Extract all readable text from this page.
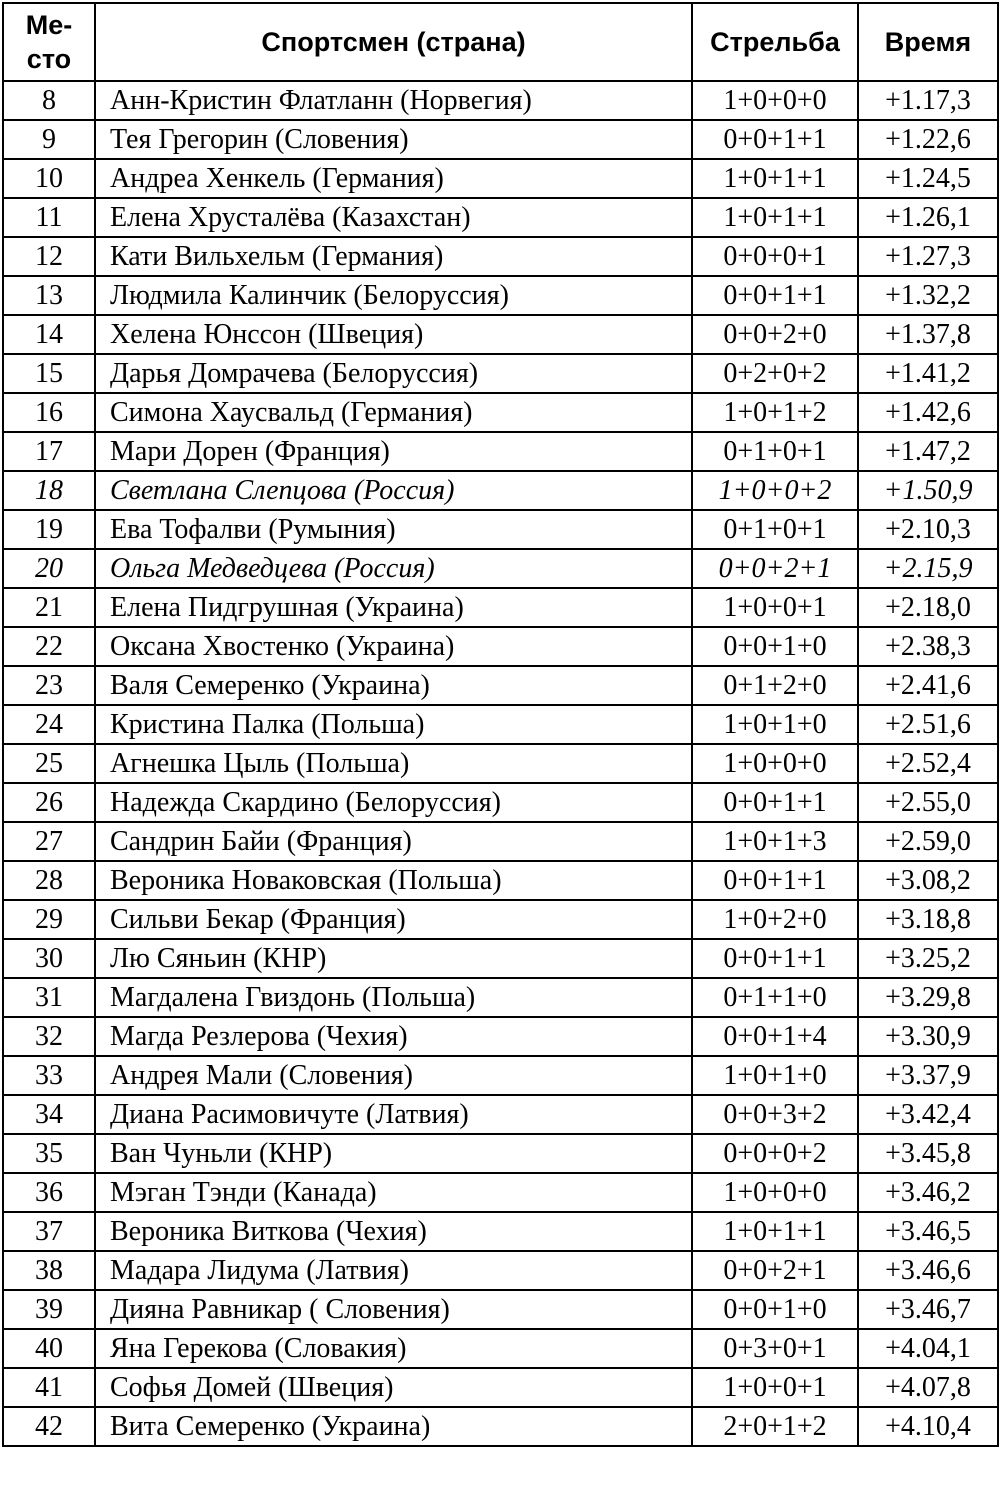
Ме-
сто	Спортсмен (страна)	Стрельба	Время
8	Анн-Кристин Флатланн (Норвегия)	1+0+0+0	+1.17,3
9	Тея Грегорин (Словения)	0+0+1+1	+1.22,6
10	Андреа Хенкель (Германия)	1+0+1+1	+1.24,5
11	Елена Хрусталёва (Казахстан)	1+0+1+1	+1.26,1
12	Кати Вильхельм (Германия)	0+0+0+1	+1.27,3
13	Людмила Калинчик (Белоруссия)	0+0+1+1	+1.32,2
14	Хелена Юнссон (Швеция)	0+0+2+0	+1.37,8
15	Дарья Домрачева (Белоруссия)	0+2+0+2	+1.41,2
16	Симона Хаусвальд (Германия)	1+0+1+2	+1.42,6
17	Мари Дорен (Франция)	0+1+0+1	+1.47,2
18	Светлана Слепцова (Россия)	1+0+0+2	+1.50,9
19	Ева Тофалви (Румыния)	0+1+0+1	+2.10,3
20	Ольга Медведцева (Россия)	0+0+2+1	+2.15,9
21	Елена Пидгрушная (Украина)	1+0+0+1	+2.18,0
22	Оксана Хвостенко (Украина)	0+0+1+0	+2.38,3
23	Валя Семеренко (Украина)	0+1+2+0	+2.41,6
24	Кристина Палка (Польша)	1+0+1+0	+2.51,6
25	Агнешка Цыль (Польша)	1+0+0+0	+2.52,4
26	Надежда Скардино (Белоруссия)	0+0+1+1	+2.55,0
27	Сандрин Байи (Франция)	1+0+1+3	+2.59,0
28	Вероника Новаковская (Польша)	0+0+1+1	+3.08,2
29	Сильви Бекар (Франция)	1+0+2+0	+3.18,8
30	Лю Сяньин (КНР)	0+0+1+1	+3.25,2
31	Магдалена Гвиздонь (Польша)	0+1+1+0	+3.29,8
32	Магда Резлерова (Чехия)	0+0+1+4	+3.30,9
33	Андрея Мали (Словения)	1+0+1+0	+3.37,9
34	Диана Расимовичуте (Латвия)	0+0+3+2	+3.42,4
35	Ван Чуньли (КНР)	0+0+0+2	+3.45,8
36	Мэган Тэнди (Канада)	1+0+0+0	+3.46,2
37	Вероника Виткова (Чехия)	1+0+1+1	+3.46,5
38	Мадара Лидума (Латвия)	0+0+2+1	+3.46,6
39	Дияна Равникар ( Словения)	0+0+1+0	+3.46,7
40	Яна Герекова (Словакия)	0+3+0+1	+4.04,1
41	Софья Домей (Швеция)	1+0+0+1	+4.07,8
42	Вита Семеренко (Украина)	2+0+1+2	+4.10,4
